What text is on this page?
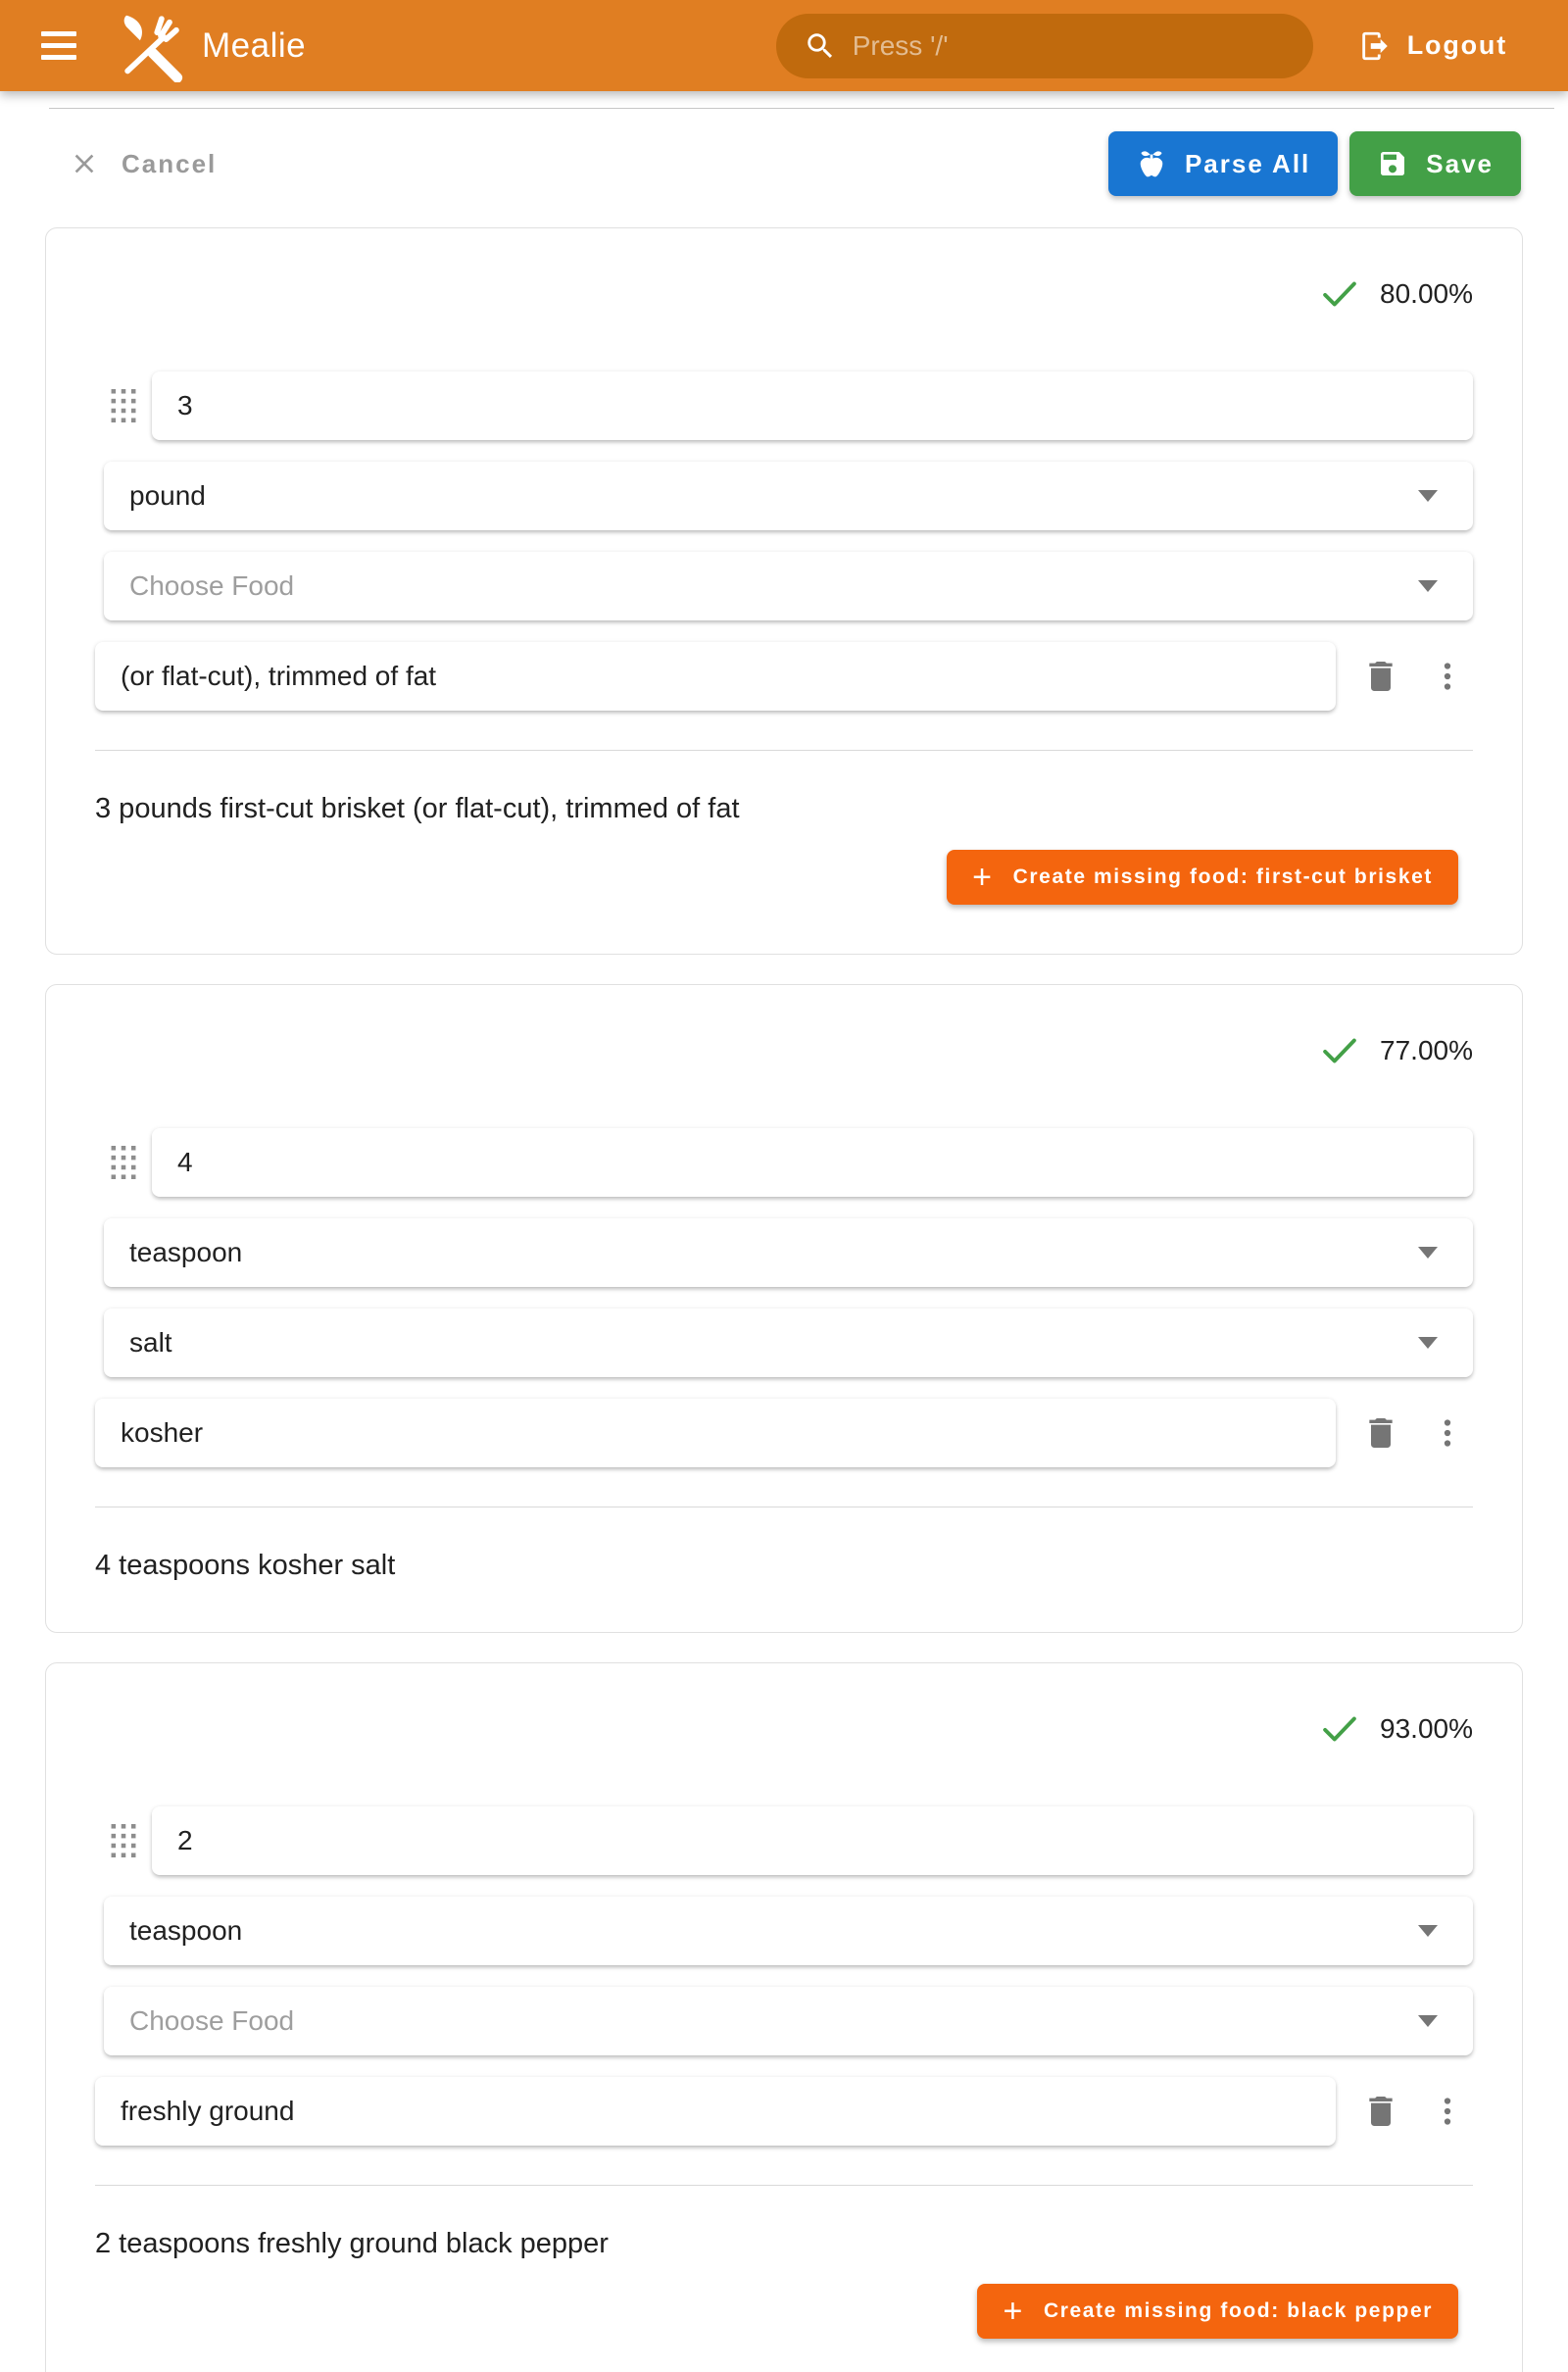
Mealie
Press '/'	Logout
Cancel	Parse All	Save
80.00%
3
pound
Choose Food
(or flat-cut), trimmed of fat

3 pounds first-cut brisket (or flat-cut), trimmed of fat

+ Create missing food: first-cut brisket
77.00%
4
teaspoon
salt
kosher

4 teaspoons kosher salt

93.00%
2
teaspoon
Choose Food
freshly ground

2 teaspoons freshly ground black pepper

+ Create missing food: black pepper
